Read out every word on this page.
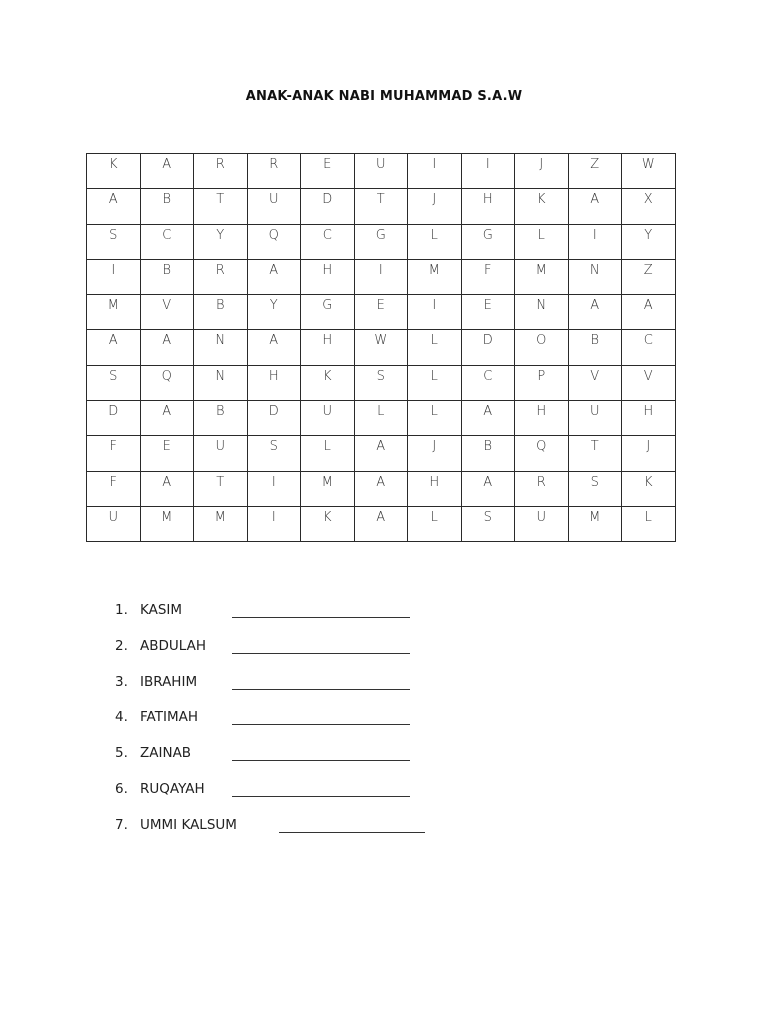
ANAK-ANAK NABI MUHAMMAD S.A.W
K	A	R	R	E	U	I	I	J	Z	W
A	B	T	U	D	T	J	H	K	A	X
S	C	Y	Q	C	G	L	G	L	I	Y
I	B	R	A	H	I	M	F	M	N	Z
M	V	B	Y	G	E	I	E	N	A	A
A	A	N	A	H	W	L	D	O	B	C
S	Q	N	H	K	S	L	C	P	V	V
D	A	B	D	U	L	L	A	H	U	H
F	E	U	S	L	A	J	B	Q	T	J
F	A	T	I	M	A	H	A	R	S	K
U	M	M	I	K	A	L	S	U	M	L
1. KASIM
2. ABDULAH
3. IBRAHIM
4. FATIMAH
5. ZAINAB
6. RUQAYAH
7. UMMI KALSUM
